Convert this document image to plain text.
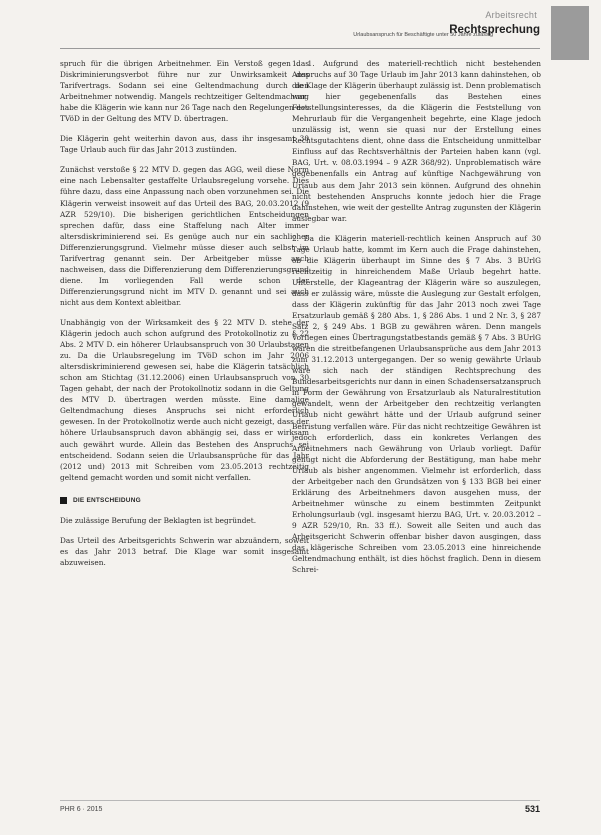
Arbeitsrecht
Rechtsprechung
Urlaubsanspruch für Beschäftigte unter 50 Jahre zulässig

spruch für die übrigen Arbeitnehmer. Ein Verstoß gegen das Diskriminierungsverbot führe nur zur Unwirksamkeit des Tarifvertrags. Sodann sei eine Geltendmachung durch den Arbeitnehmer notwendig. Mangels rechtzeitiger Geltendmachung habe die Klägerin wie kann nur 26 Tage nach den Regelungen des TVöD in der Geltung des MTV D. übertragen.

Die Klägerin geht weiterhin davon aus, dass ihr insgesamt 30 Tage Urlaub auch für das Jahr 2013 zustünden.

Zunächst verstoße § 22 MTV D. gegen das AGG, weil diese Norm eine nach Lebensalter gestaffelte Urlaubsregelung vorsehe. Dies führe dazu, dass eine Anpassung nach oben vorzunehmen sei. Die Klägerin verweist insoweit auf das Urteil des BAG, 20.03.2012 (9 AZR 529/10). Die bisherigen gerichtlichen Entscheidungen sprechen dafür, dass eine Staffelung nach Alter immer altersdiskriminierend sei. Es genüge auch nur ein sachlicher Differenzierungsgrund. Vielmehr müsse dieser auch selbst im Tarifvertrag genannt sein. Der Arbeitgeber müsse auch nachweisen, dass die Differenzierung dem Differenzierungsgrund diene. Im vorliegenden Fall werde schon der Differenzierungsgrund nicht im MTV D. genannt und sei auch nicht aus dem Kontext ableitbar.

Unabhängig von der Wirksamkeit des § 22 MTV D. stehe der Klägerin jedoch auch schon aufgrund des Protokollnotiz zu § 22 Abs. 2 MTV D. ein höherer Urlaubsanspruch von 30 Urlaubstagen zu. Da die Urlaubsregelung im TVöD schon im Jahr 2006 altersdiskriminierend gewesen sei, habe die Klägerin tatsächlich schon am Stichtag (31.12.2006) einen Urlaubsanspruch von 30 Tagen gehabt, der nach der Protokollnotiz sodann in die Geltung des MTV D. übertragen werden müsste. Eine damalige Geltendmachung dieses Anspruchs sei nicht erforderlich gewesen. In der Protokollnotiz werde auch nicht gezeigt, dass der höhere Urlaubsanspruch davon abhängig sei, dass er wirksam auch gewährt wurde. Allein das Bestehen des Anspruchs sei entscheidend. Sodann seien die Urlaubsansprüche für das Jahr (2012 und) 2013 mit Schreiben vom 23.05.2013 rechtzeitig geltend gemacht worden und somit nicht verfallen.

DIE ENTSCHEIDUNG

Die zulässige Berufung der Beklagten ist begründet.

Das Urteil des Arbeitsgerichts Schwerin war abzuändern, soweit es das Jahr 2013 betraf. Die Klage war somit insgesamt abzuweisen.

1. 1. Aufgrund des materiell-rechtlich nicht bestehenden Anspruchs auf 30 Tage Urlaub im Jahr 2013 kann dahinstehen, ob die Klage der Klägerin überhaupt zulässig ist. Denn problematisch war hier gegebenenfalls das Bestehen eines Feststellungsinteresses, da die Klägerin die Feststellung von Mehrurlaub für die Vergangenheit begehrte, eine Klage jedoch unzulässig ist, wenn sie quasi nur der Erstellung eines Rechtsgutachtens dient, ohne dass die Entscheidung unmittelbar Einfluss auf das Rechtsverhältnis der Parteien haben kann (vgl. BAG, Urt. v. 08.03.1994 – 9 AZR 368/92). Unproblematisch wäre gegebenenfalls ein Antrag auf künftige Nachgewährung von Urlaub aus dem Jahr 2013 sein können. Aufgrund des ohnehin nicht bestehenden Anspruchs konnte jedoch hier die Frage dahinstehen, wie weit der gestellte Antrag zugunsten der Klägerin auslegbar war.

2. Da die Klägerin materiell-rechtlich keinen Anspruch auf 30 Tage Urlaub hatte, kommt im Kern auch die Frage dahinstehen, ob die Klägerin überhaupt im Sinne des § 7 Abs. 3 BUrlG rechtzeitig in hinreichendem Maße Urlaub begehrt hatte. Unterstelle, der Klageantrag der Klägerin wäre so auszulegen, dass er zulässig wäre, müsste die Auslegung zur Gestalt erfolgen, dass der Klägerin zukünftig für das Jahr 2013 noch zwei Tage Ersatzurlaub gemäß § 280 Abs. 1, § 286 Abs. 1 und 2 Nr. 3, § 287 Satz 2, § 249 Abs. 1 BGB zu gewähren wären. Denn mangels Vorliegen eines Übertragungstatbestands gemäß § 7 Abs. 3 BUrlG wären die streitbefangenen Urlaubsansprüche aus dem Jahr 2013 zum 31.12.2013 untergegangen. Der so wenig gewährte Urlaub wäre sich nach der ständigen Rechtsprechung des Bundesarbeitsgerichts nur dann in einen Schadensersatzanspruch in Form der Gewährung von Ersatzurlaub als Naturalrestitution gewandelt, wenn der Arbeitgeber den rechtzeitig verlangten Urlaub nicht gewährt hätte und der Urlaub aufgrund seiner Befristung verfallen wäre. Für das nicht rechtzeitige Gewähren ist jedoch erforderlich, dass ein konkretes Verlangen des Arbeitnehmers nach Gewährung von Urlaub vorliegt. Dafür genügt nicht die Abforderung der Bestätigung, man habe mehr Urlaub als bisher angenommen. Vielmehr ist erforderlich, dass der Arbeitgeber nach den Grundsätzen von § 133 BGB bei einer Erklärung des Arbeitnehmers davon ausgehen muss, der Arbeitnehmer wünsche zu einem bestimmten Zeitpunkt Erholungsurlaub (vgl. insgesamt hierzu BAG, Urt. v. 20.03.2012 – 9 AZR 529/10, Rn. 33 ff.). Soweit alle Seiten und auch das Arbeitsgericht Schwerin offenbar bisher davon ausgingen, dass das klägerische Schreiben vom 23.05.2013 eine hinreichende Geltendmachung enthält, ist dies höchst fraglich. Denn in diesem Schrei-

PHR 6 · 2015	531
